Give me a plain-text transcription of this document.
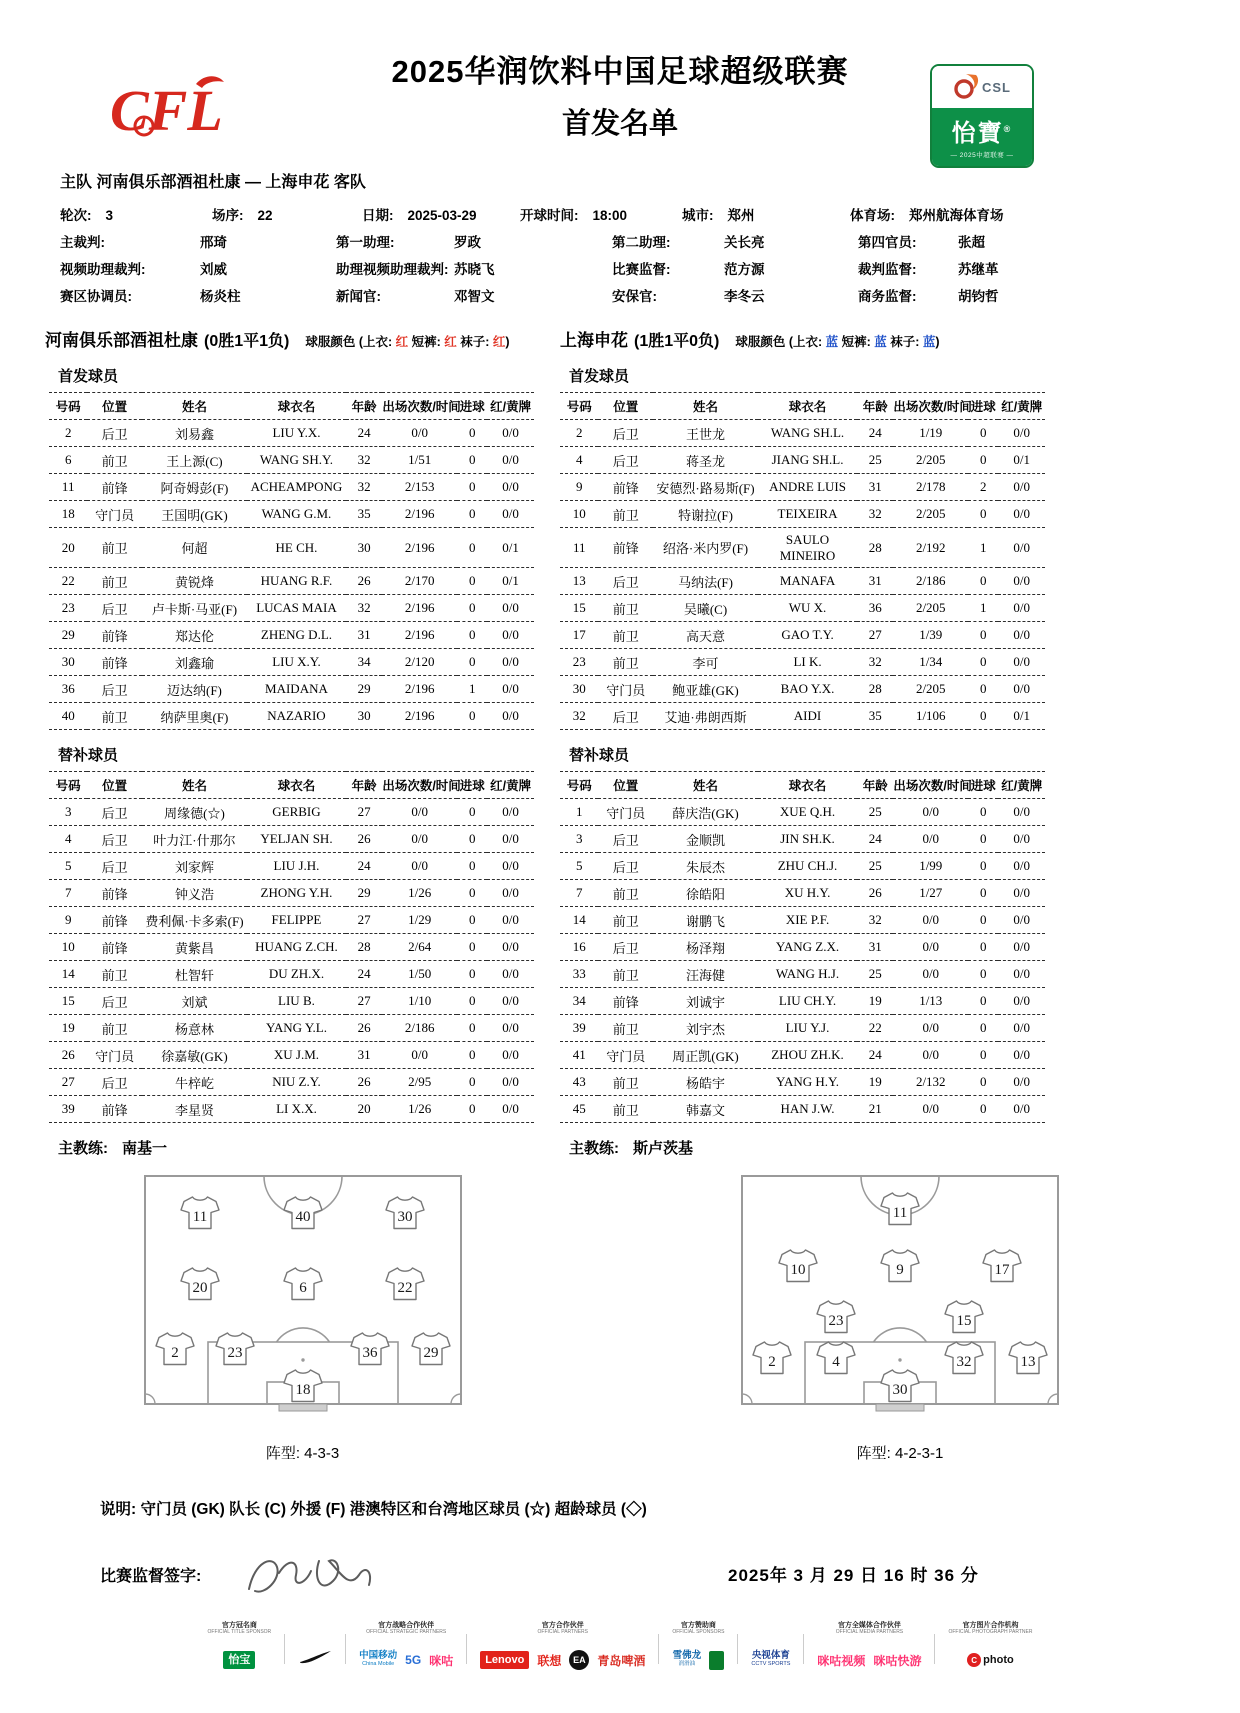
CFL
2025华润饮料中国足球超级联赛
首发名单
CSL
怡寶®
— 2025中超联赛 —
主队 河南俱乐部酒祖杜康 — 上海申花 客队
轮次: 3	场序: 22	日期: 2025-03-29	开球时间: 18:00	城市: 郑州	体育场: 郑州航海体育场
主裁判:	邢琦	第一助理:	罗政	第二助理:	关长亮	第四官员:	张超
视频助理裁判:	刘威	助理视频助理裁判: 苏晓飞	比赛监督:	范方源	裁判监督:	苏继革
赛区协调员:	杨炎柱	新闻官:	邓智文	安保官:	李冬云	商务监督:	胡钧哲
河南俱乐部酒祖杜康 (0胜1平1负) 球服颜色 (上衣: 红 短裤: 红 袜子: 红)	上海申花 (1胜1平0负) 球服颜色 (上衣: 蓝 短裤: 蓝 袜子: 蓝)
首发球员	首发球员
号码	位置	姓名	球衣名	年龄	出场次数/时间	进球	红/黄牌		号码	位置	姓名	球衣名	年龄	出场次数/时间	进球	红/黄牌
2	后卫	刘易鑫	LIU Y.X.	24	0/0	0	0/0		2	后卫	王世龙	WANG SH.L.	24	1/19	0	0/0
6	前卫	王上源(C)	WANG SH.Y.	32	1/51	0	0/0		4	后卫	蒋圣龙	JIANG SH.L.	25	2/205	0	0/1
11	前锋	阿奇姆彭(F)	ACHEAMPONG	32	2/153	0	0/0		9	前锋	安德烈·路易斯(F)	ANDRE LUIS	31	2/178	2	0/0
18	守门员	王国明(GK)	WANG G.M.	35	2/196	0	0/0		10	前卫	特谢拉(F)	TEIXEIRA	32	2/205	0	0/0
20	前卫	何超	HE CH.	30	2/196	0	0/1		11	前锋	绍洛·米内罗(F)	SAULO MINEIRO	28	2/192	1	0/0
22	前卫	黄锐烽	HUANG R.F.	26	2/170	0	0/1		13	后卫	马纳法(F)	MANAFA	31	2/186	0	0/0
23	后卫	卢卡斯·马亚(F)	LUCAS MAIA	32	2/196	0	0/0		15	前卫	吴曦(C)	WU X.	36	2/205	1	0/0
29	前锋	郑达伦	ZHENG D.L.	31	2/196	0	0/0		17	前卫	高天意	GAO T.Y.	27	1/39	0	0/0
30	前锋	刘鑫瑜	LIU X.Y.	34	2/120	0	0/0		23	前卫	李可	LI K.	32	1/34	0	0/0
36	后卫	迈达纳(F)	MAIDANA	29	2/196	1	0/0		30	守门员	鲍亚雄(GK)	BAO Y.X.	28	2/205	0	0/0
40	前卫	纳萨里奥(F)	NAZARIO	30	2/196	0	0/0		32	后卫	艾迪·弗朗西斯	AIDI	35	1/106	0	0/1
替补球员	替补球员
号码	位置	姓名	球衣名	年龄	出场次数/时间	进球	红/黄牌		号码	位置	姓名	球衣名	年龄	出场次数/时间	进球	红/黄牌
3	后卫	周缘德(☆)	GERBIG	27	0/0	0	0/0		1	守门员	薛庆浩(GK)	XUE Q.H.	25	0/0	0	0/0
4	后卫	叶力江·什那尔	YELJAN SH.	26	0/0	0	0/0		3	后卫	金顺凯	JIN SH.K.	24	0/0	0	0/0
5	后卫	刘家辉	LIU J.H.	24	0/0	0	0/0		5	后卫	朱辰杰	ZHU CH.J.	25	1/99	0	0/0
7	前锋	钟义浩	ZHONG Y.H.	29	1/26	0	0/0		7	前卫	徐皓阳	XU H.Y.	26	1/27	0	0/0
9	前锋	费利佩·卡多索(F)	FELIPPE	27	1/29	0	0/0		14	前卫	谢鹏飞	XIE P.F.	32	0/0	0	0/0
10	前锋	黄紫昌	HUANG Z.CH.	28	2/64	0	0/0		16	后卫	杨泽翔	YANG Z.X.	31	0/0	0	0/0
14	前卫	杜智轩	DU ZH.X.	24	1/50	0	0/0		33	前卫	汪海健	WANG H.J.	25	0/0	0	0/0
15	后卫	刘斌	LIU B.	27	1/10	0	0/0		34	前锋	刘诚宇	LIU CH.Y.	19	1/13	0	0/0
19	前卫	杨意林	YANG Y.L.	26	2/186	0	0/0		39	前卫	刘宇杰	LIU Y.J.	22	0/0	0	0/0
26	守门员	徐嘉敏(GK)	XU J.M.	31	0/0	0	0/0		41	守门员	周正凯(GK)	ZHOU ZH.K.	24	0/0	0	0/0
27	后卫	牛梓屹	NIU Z.Y.	26	2/95	0	0/0		43	前卫	杨皓宇	YANG H.Y.	19	2/132	0	0/0
39	前锋	李星贤	LI X.X.	20	1/26	0	0/0		45	前卫	韩嘉文	HAN J.W.	21	0/0	0	0/0
主教练: 南基一	主教练: 斯卢茨基
11	40	30
20	6	22
2	23	36	29
18
阵型: 4-3-3
11
10	9	17
23	15
2	4	32	13
30
阵型: 4-2-3-1
说明: 守门员 (GK) 队长 (C) 外援 (F) 港澳特区和台湾地区球员 (☆) 超龄球员 (◇)
比赛监督签字:	2025年 3 月 29 日 16 时 36 分
官方冠名商
OFFICIAL TITLE SPONSOR
怡宝
官方战略合作伙伴
OFFICIAL STRATEGIC PARTNERS
中国移动
China Mobile 5G 咪咕
官方合作伙伴
OFFICIAL PARTNERS
Lenovo	联想	EA 青岛啤酒
官方赞助商
OFFICIAL SPONSORS
雪佛龙
润滑油
央视体育
CCTV SPORTS
官方全媒体合作伙伴
OFFICIAL MEDIA PARTNERS
咪咕视频 咪咕快游
官方图片合作机构
OFFICIAL PHOTOGRAPH PARTNER
C photo
